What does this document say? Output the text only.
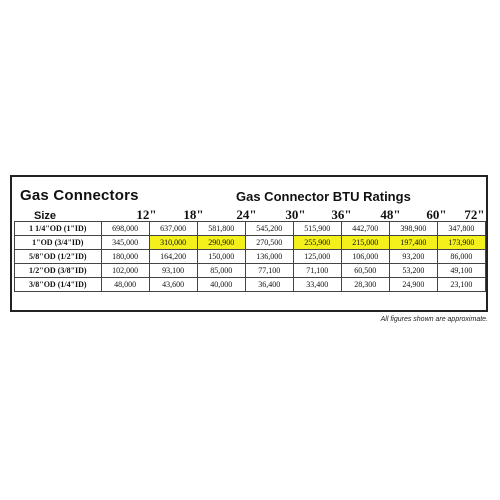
Gas Connectors	Gas Connector BTU Ratings
Size	12"	18"	24"	30"	36"	48"	60"	72"
1 1/4"OD (1"ID)	698,000	637,000	581,800	545,200	515,900	442,700	398,900	347,800
1"OD (3/4"ID)	345,000	310,000	290,900	270,500	255,900	215,000	197,400	173,900
5/8"OD (1/2"ID)	180,000	164,200	150,000	136,000	125,000	106,000	93,200	86,000
1/2"OD (3/8"ID)	102,000	93,100	85,000	77,100	71,100	60,500	53,200	49,100
3/8"OD (1/4"ID)	48,000	43,600	40,000	36,400	33,400	28,300	24,900	23,100
All figures shown are approximate.
